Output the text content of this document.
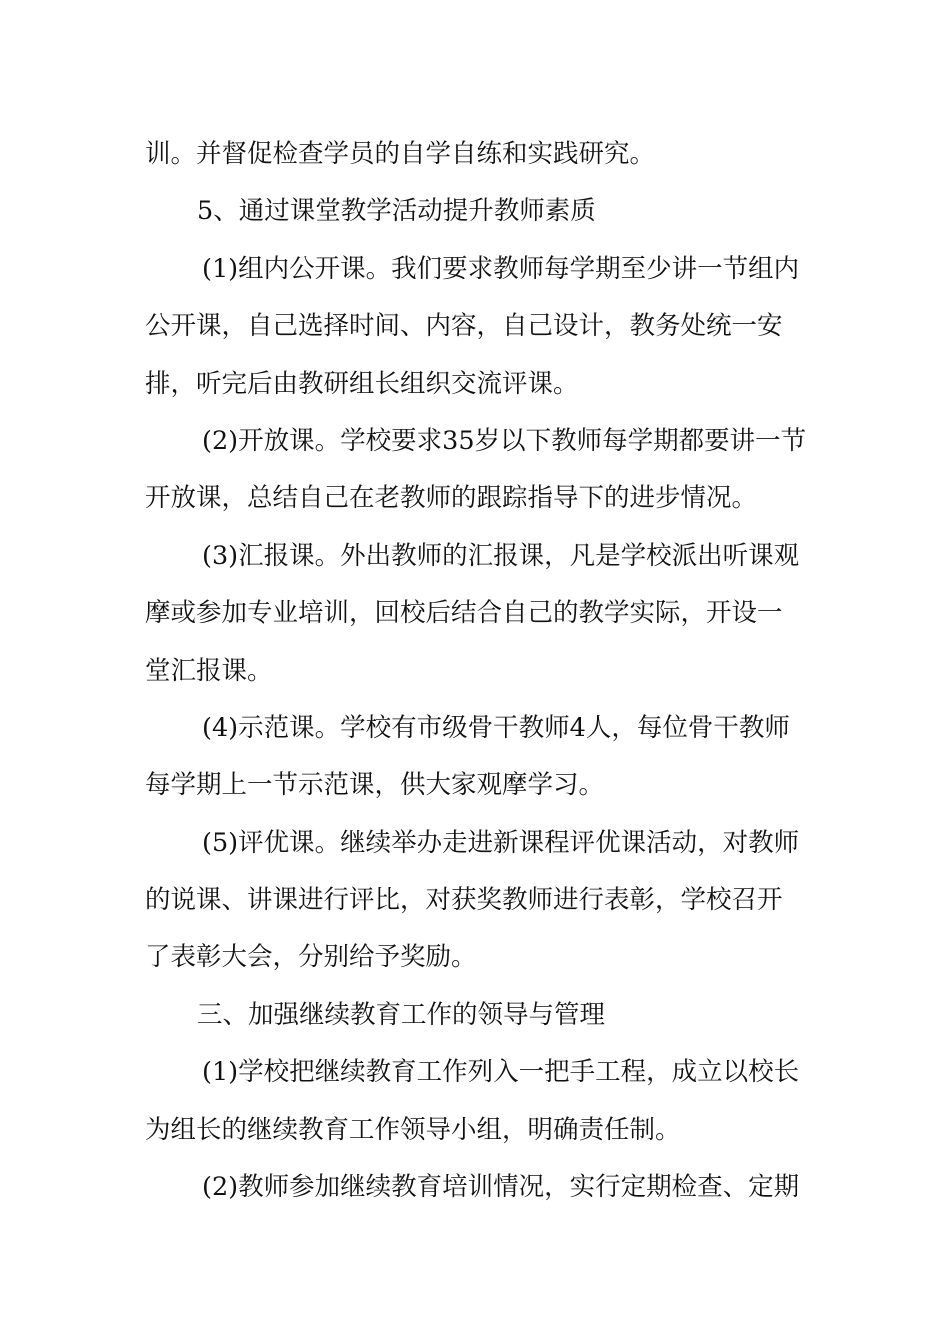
训。并督促检查学员的自学自练和实践研究。
5、通过课堂教学活动提升教师素质
(1)组内公开课。我们要求教师每学期至少讲一节组内
公开课，自己选择时间、内容，自己设计，教务处统一安
排，听完后由教研组长组织交流评课。
(2)开放课。学校要求35岁以下教师每学期都要讲一节
开放课，总结自己在老教师的跟踪指导下的进步情况。
(3)汇报课。外出教师的汇报课，凡是学校派出听课观
摩或参加专业培训，回校后结合自己的教学实际，开设一
堂汇报课。
(4)示范课。学校有市级骨干教师4人，每位骨干教师
每学期上一节示范课，供大家观摩学习。
(5)评优课。继续举办走进新课程评优课活动，对教师
的说课、讲课进行评比，对获奖教师进行表彰，学校召开
了表彰大会，分别给予奖励。
三、加强继续教育工作的领导与管理
(1)学校把继续教育工作列入一把手工程，成立以校长
为组长的继续教育工作领导小组，明确责任制。
(2)教师参加继续教育培训情况，实行定期检查、定期
